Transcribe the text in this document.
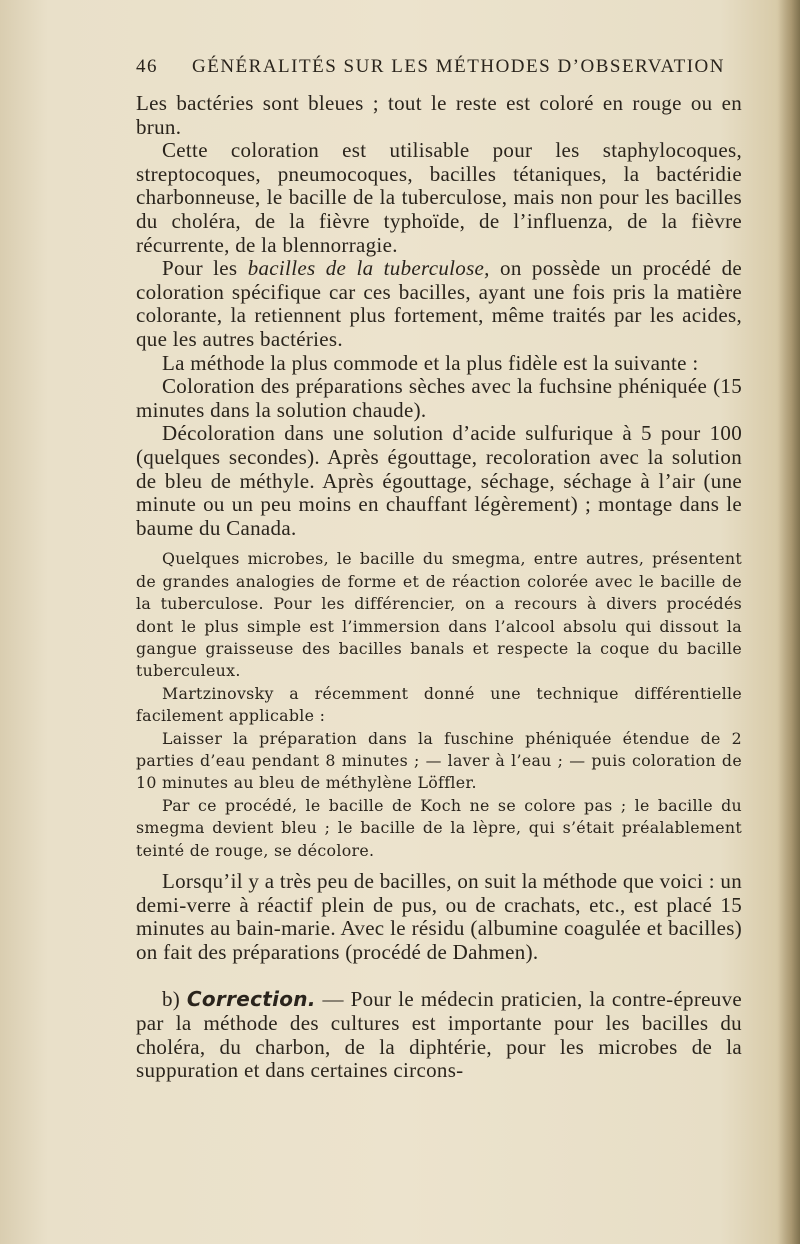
46 GÉNÉRALITÉS SUR LES MÉTHODES D’OBSERVATION

Les bactéries sont bleues ; tout le reste est coloré en rouge ou en brun.

Cette coloration est utilisable pour les staphylocoques, streptocoques, pneumocoques, bacilles tétaniques, la bactéridie charbonneuse, le bacille de la tuberculose, mais non pour les bacilles du choléra, de la fièvre typhoïde, de l’influenza, de la fièvre récurrente, de la blennorragie.

Pour les bacilles de la tuberculose, on possède un procédé de coloration spécifique car ces bacilles, ayant une fois pris la matière colorante, la retiennent plus fortement, même traités par les acides, que les autres bactéries.

La méthode la plus commode et la plus fidèle est la suivante :

Coloration des préparations sèches avec la fuchsine phéniquée (15 minutes dans la solution chaude).

Décoloration dans une solution d’acide sulfurique à 5 pour 100 (quelques secondes). Après égouttage, recoloration avec la solution de bleu de méthyle. Après égouttage, séchage, séchage à l’air (une minute ou un peu moins en chauffant légèrement) ; montage dans le baume du Canada.

Quelques microbes, le bacille du smegma, entre autres, présentent de grandes analogies de forme et de réaction colorée avec le bacille de la tuberculose. Pour les différencier, on a recours à divers procédés dont le plus simple est l’immersion dans l’alcool absolu qui dissout la gangue graisseuse des bacilles banals et respecte la coque du bacille tuberculeux.

Martzinovsky a récemment donné une technique différentielle facilement applicable :

Laisser la préparation dans la fuschine phéniquée étendue de 2 parties d’eau pendant 8 minutes ; — laver à l’eau ; — puis coloration de 10 minutes au bleu de méthylène Löffler.

Par ce procédé, le bacille de Koch ne se colore pas ; le bacille du smegma devient bleu ; le bacille de la lèpre, qui s’était préalablement teinté de rouge, se décolore.

Lorsqu’il y a très peu de bacilles, on suit la méthode que voici : un demi-verre à réactif plein de pus, ou de crachats, etc., est placé 15 minutes au bain-marie. Avec le résidu (albumine coagulée et bacilles) on fait des préparations (procédé de Dahmen).

b) Correction. — Pour le médecin praticien, la contre-épreuve par la méthode des cultures est importante pour les bacilles du choléra, du charbon, de la diphtérie, pour les microbes de la suppuration et dans certaines circons-
